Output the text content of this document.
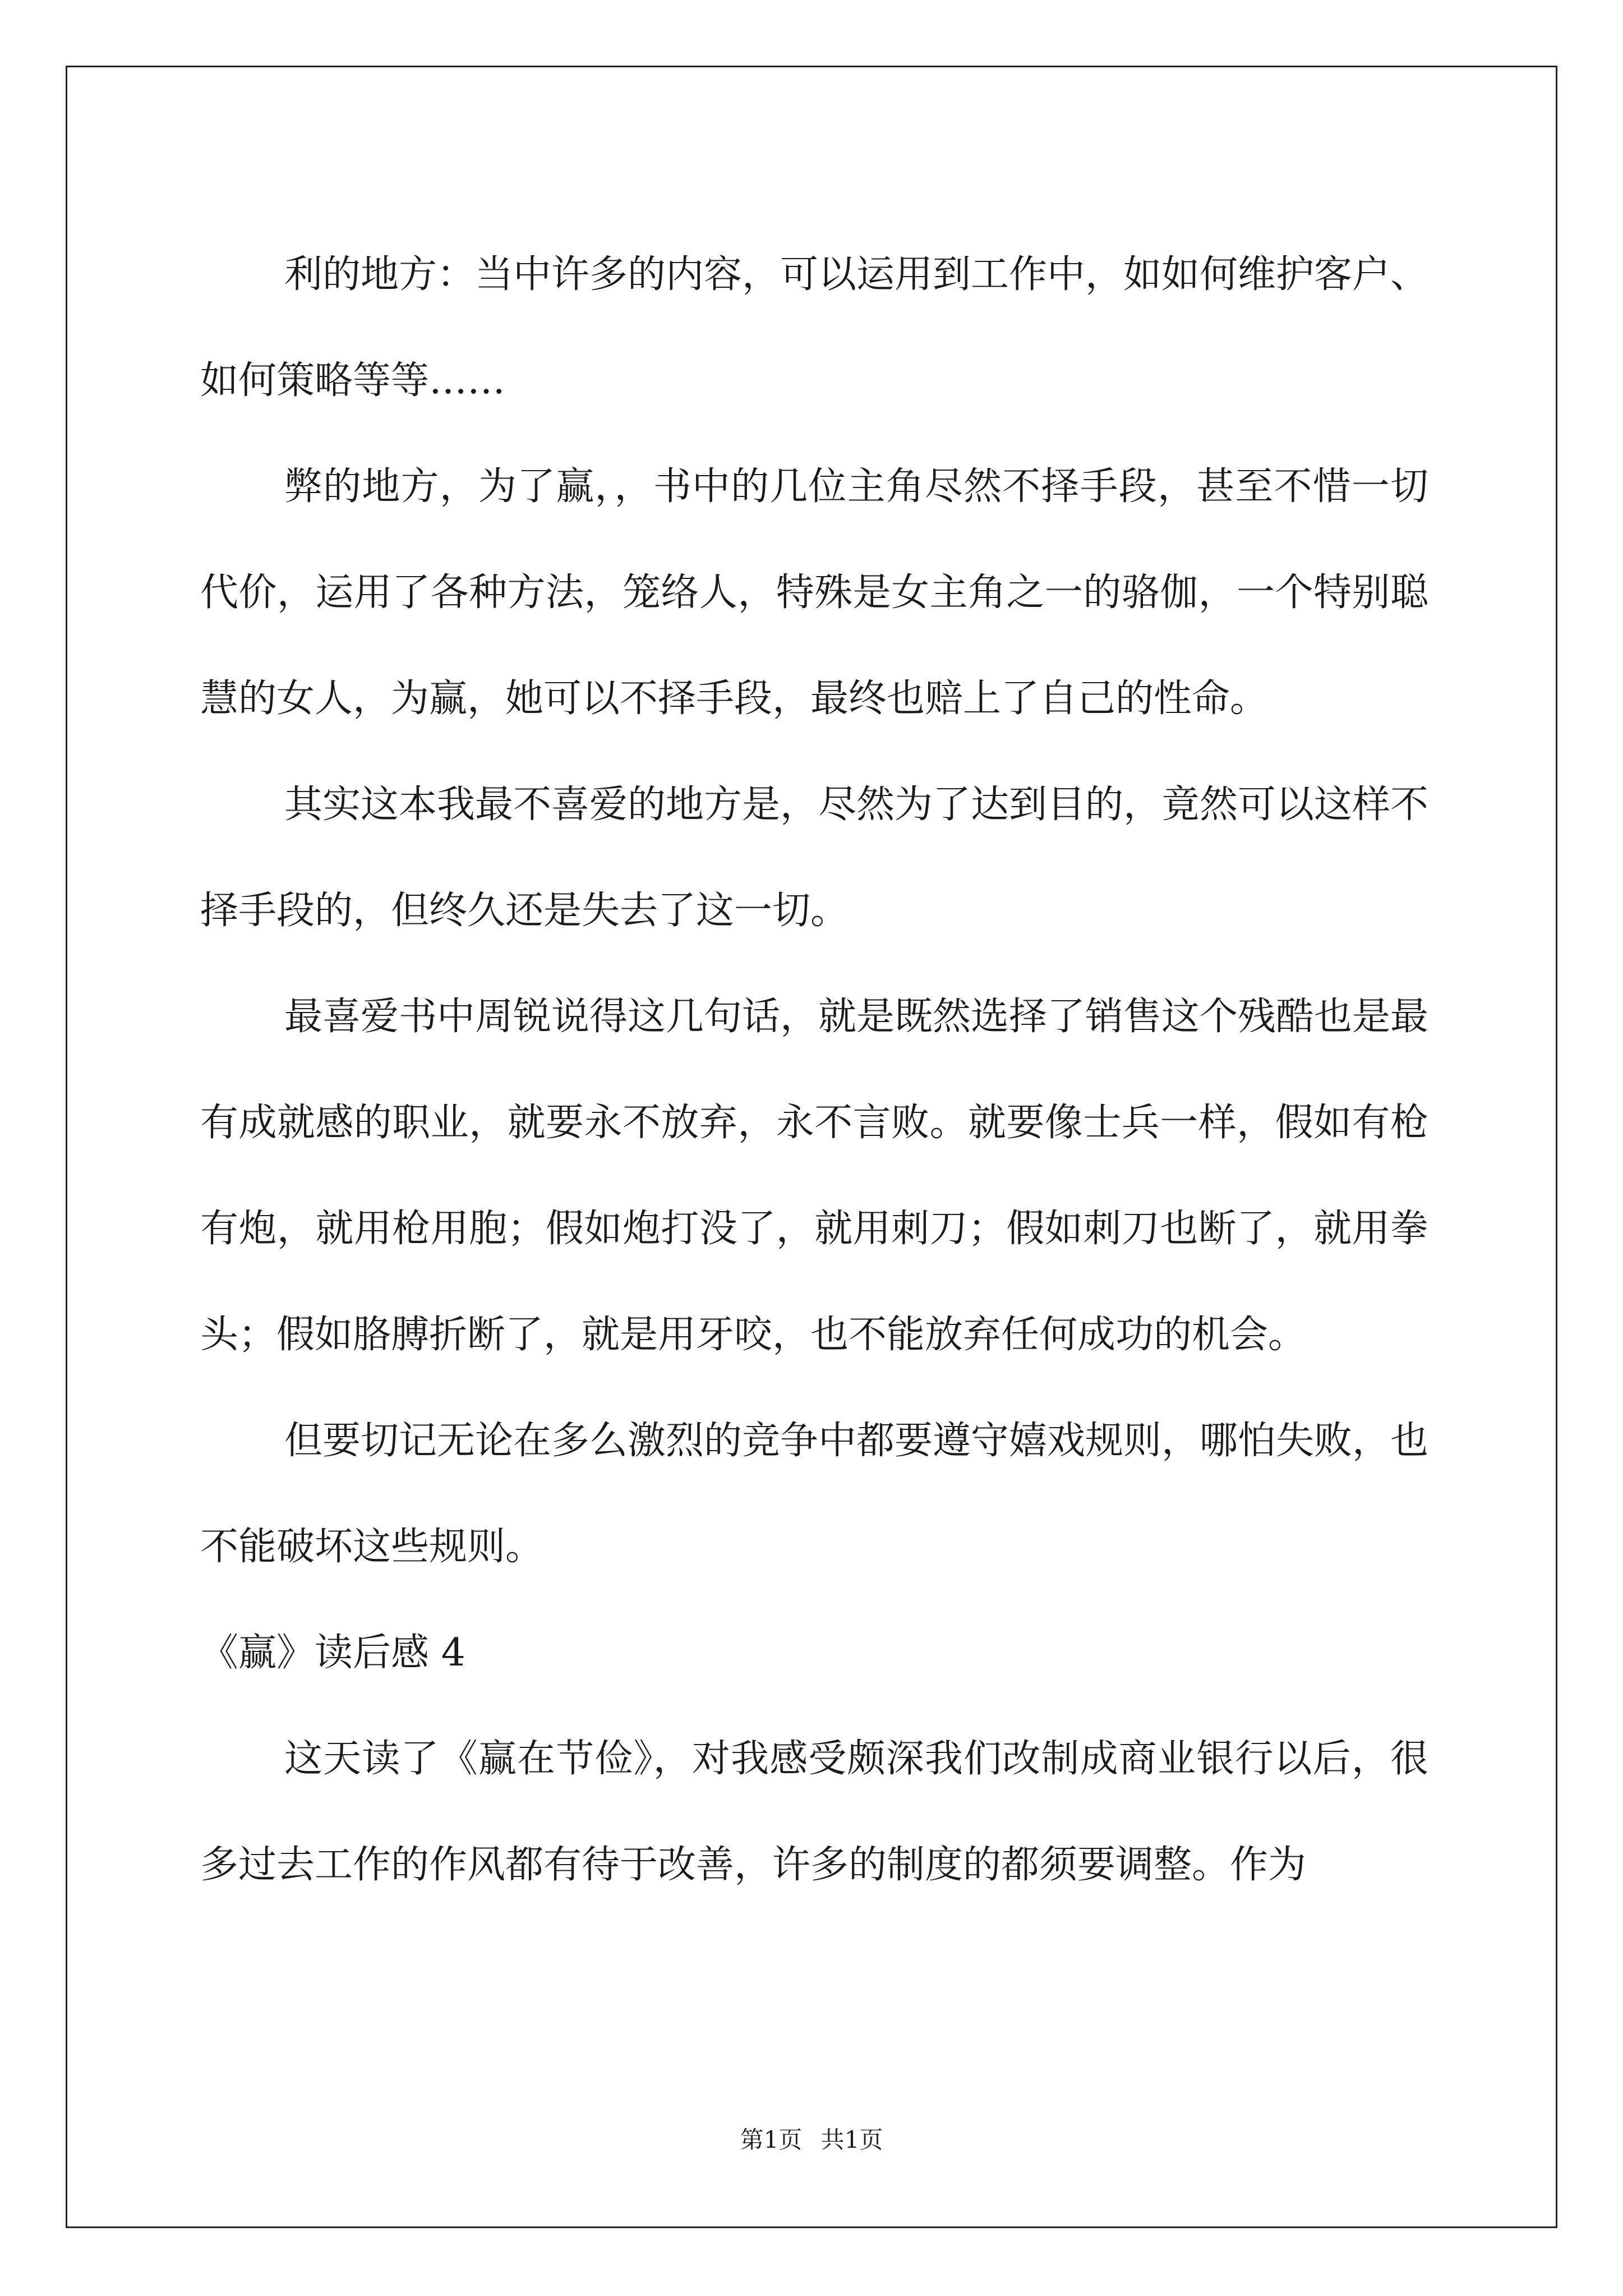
利的地方：当中许多的内容，可以运用到工作中，如如何维护客户、如何策略等等……

弊的地方，为了赢，，书中的几位主角尽然不择手段，甚至不惜一切代价，运用了各种方法，笼络人，特殊是女主角之一的骆伽，一个特别聪慧的女人，为赢，她可以不择手段，最终也赔上了自己的性命。

其实这本我最不喜爱的地方是，尽然为了达到目的，竟然可以这样不择手段的，但终久还是失去了这一切。

最喜爱书中周锐说得这几句话，就是既然选择了销售这个残酷也是最有成就感的职业，就要永不放弃，永不言败。就要像士兵一样，假如有枪有炮，就用枪用胞；假如炮打没了，就用刺刀；假如刺刀也断了，就用拳头；假如胳膊折断了，就是用牙咬，也不能放弃任何成功的机会。

但要切记无论在多么激烈的竞争中都要遵守嬉戏规则，哪怕失败，也不能破坏这些规则。

《赢》读后感 4

这天读了《赢在节俭》，对我感受颇深我们改制成商业银行以后，很多过去工作的作风都有待于改善，许多的制度的都须要调整。作为

第1页 共1页
